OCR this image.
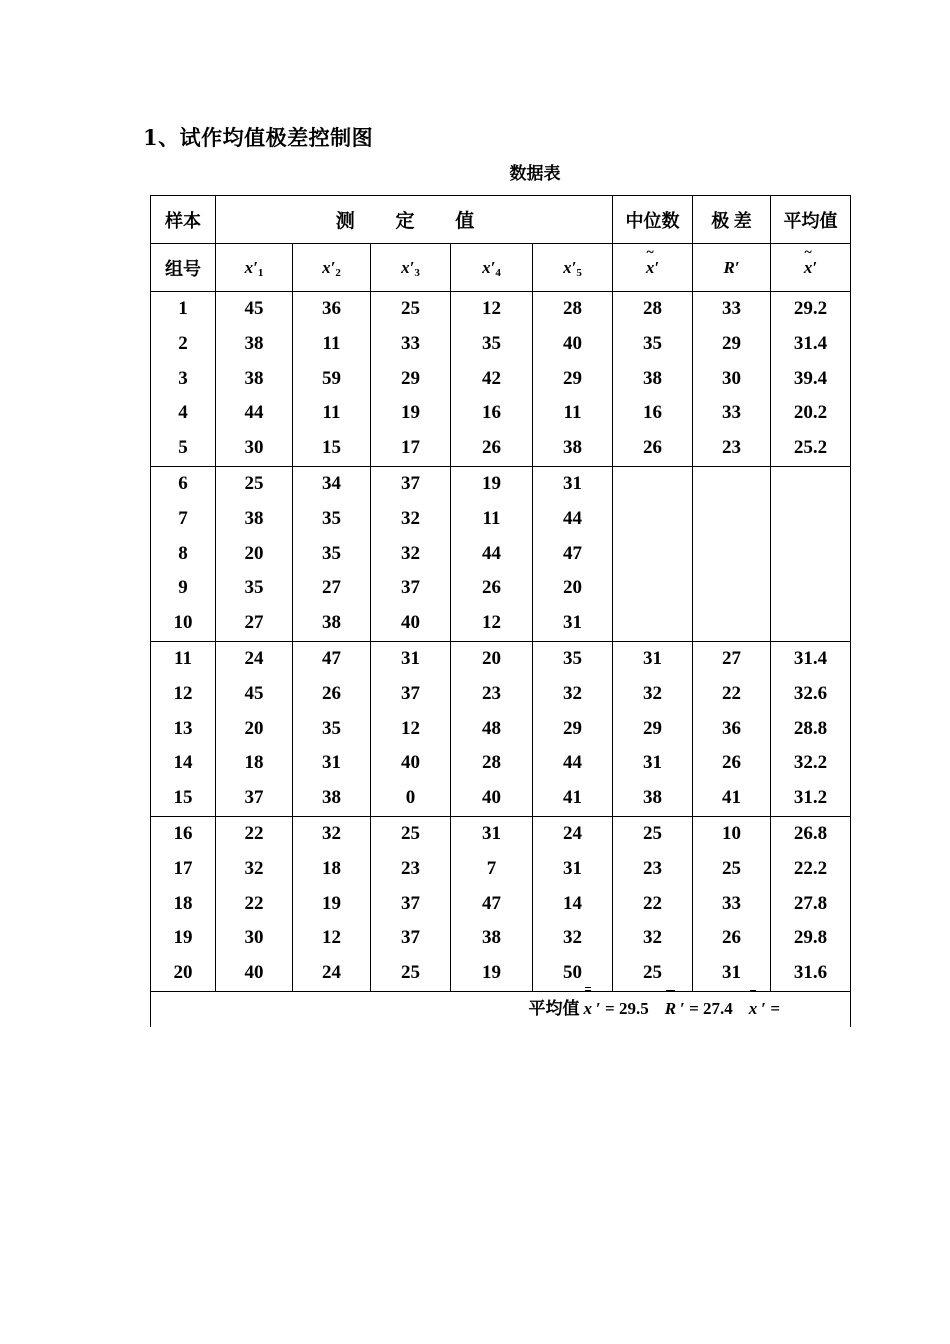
1、试作均值极差控制图
数据表
样本	测 定 值					中位数	极 差	平均值
组号	$x'_1$	$x'_2$	$x'_3$	$x'_4$	$x'_5$	~ x′	R′	~ x′
1	45	36	25	12	28	28	33	29.2
2	38	11	33	35	40	35	29	31.4
3	38	59	29	42	29	38	30	39.4
4	44	11	19	16	11	16	33	20.2
5	30	15	17	26	38	26	23	25.2
6	25	34	37	19	31			
7	38	35	32	11	44			
8	20	35	32	44	47			
9	35	27	37	26	20			
10	27	38	40	12	31			
11	24	47	31	20	35	31	27	31.4
12	45	26	37	23	32	32	22	32.6
13	20	35	12	48	29	29	36	28.8
14	18	31	40	28	44	31	26	32.2
15	37	38	0	40	41	38	41	31.2
16	22	32	25	31	24	25	10	26.8
17	32	18	23	7	31	23	25	22.2
18	22	19	37	47	14	22	33	27.8
19	30	12	37	38	32	32	26	29.8
20	40	24	25	19	50	25	31	31.6
平均值 x ′ = 29.5 R ′ = 27.4 x ′ =								
